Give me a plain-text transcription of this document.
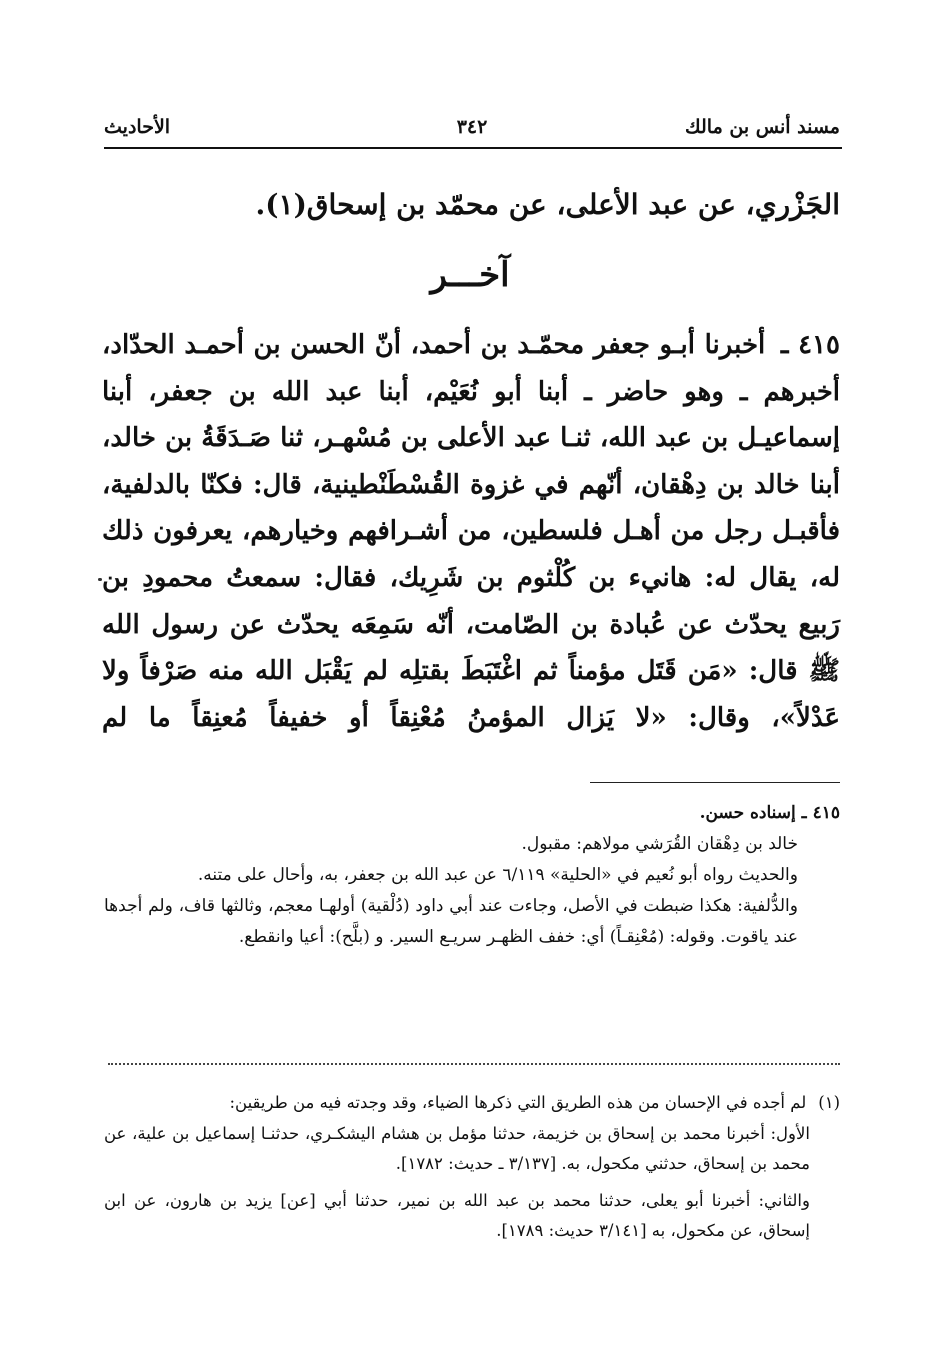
مسند أنس بن مالك
٣٤٢
الأحاديث
الجَزْري، عن عبد الأعلى، عن محمّد بن إسحاق(١).
آخـــر
٤١٥ ـ أخبرنا أبـو جعفر محمّـد بن أحمد، أنّ الحسن بن أحمـد الحدّاد، أخبرهم ـ وهو حاضر ـ أبنا أبو نُعَيْم، أبنا عبد الله بن جعفر، أبنا إسماعيـل بن عبد الله، ثنـا عبد الأعلى بن مُسْهـر، ثنا صَـدَقَةُ بن خالد، أبنا خالد بن دِهْقان، أنّهم في غزوة القُسْطَنْطينية، قال: فكنّا بالدلفية، فأقبـل رجل من أهـل فلسطين، من أشـرافهم وخيارهم، يعرفون ذلك له، يقال له: هانيء بن كُلْثوم بن شَرِيك، فقال: سمعتُ محمودِ بن رَبيع يحدّث عن عُبادة بن الصّامت، أنّه سَمِعَه يحدّث عن رسول الله ﷺ قال: «مَن قَتَل مؤمناً ثم اغْتَبَطَ بقتلِه لم يَقْبَل الله منه صَرْفاً ولا عَدْلاً»، وقال: «لا يَزال المؤمنُ مُعْنِقاً أو خفيفاً مُعنِقاً ما لم

٤١٥ ـ إسناده حسن.

خالد بن دِهْقان القُرَشي مولاهم: مقبول.

والحديث رواه أبو نُعيم في «الحلية» ٦/١١٩ عن عبد الله بن جعفر، به، وأحال على متنه.

والدُّلفية: هكذا ضبطت في الأصل، وجاءت عند أبي داود (دُلْقية) أولهـا معجم، وثالثها قاف، ولم أجدها عند ياقوت. وقوله: (مُعْنِقـاً) أي: خفف الظهـر سريـع السير. و (بلَّح): أعيا وانقطع.

(١)
لم أجده في الإحسان من هذه الطريق التي ذكرها الضياء، وقد وجدته فيه من طريقين:

الأول: أخبرنا محمد بن إسحاق بن خزيمة، حدثنا مؤمل بن هشام اليشكـري، حدثنـا إسماعيل بن علية، عن محمد بن إسحاق، حدثني مكحول، به. [٣/١٣٧ ـ حديث: ١٧٨٢].

والثاني: أخبرنا أبو يعلى، حدثنا محمد بن عبد الله بن نمير، حدثنا أبي [عن] يزيد بن هارون، عن ابن إسحاق، عن مكحول، به [٣/١٤١ حديث: ١٧٨٩].
